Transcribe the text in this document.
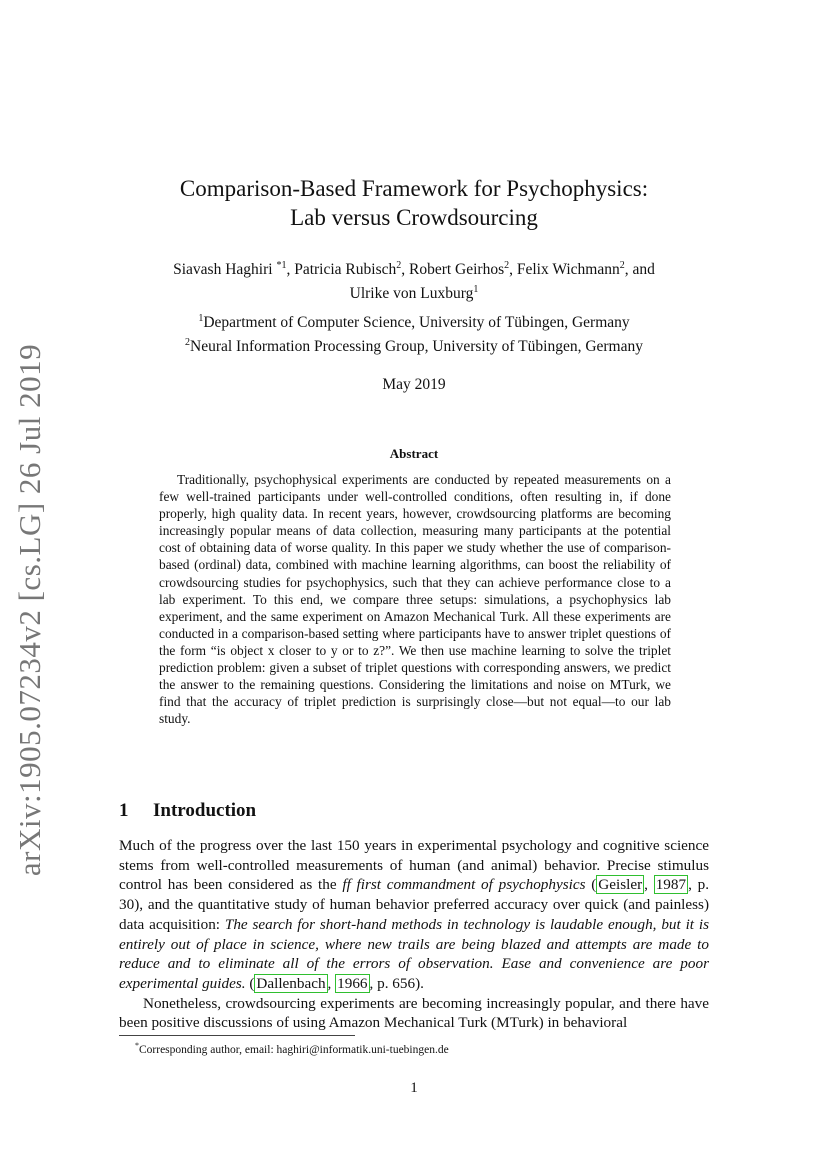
arXiv:1905.07234v2 [cs.LG] 26 Jul 2019
Comparison-Based Framework for Psychophysics:
Lab versus Crowdsourcing
Siavash Haghiri $^{*1}$, Patricia Rubisch$^2$, Robert Geirhos$^2$, Felix Wichmann$^2$, and
Ulrike von Luxburg$^1$
$^1$Department of Computer Science, University of Tübingen, Germany
$^2$Neural Information Processing Group, University of Tübingen, Germany
May 2019
Abstract
Traditionally, psychophysical experiments are conducted by repeated measurements on a few well-trained participants under well-controlled conditions, often resulting in, if done properly, high quality data. In recent years, however, crowdsourcing platforms are becoming increasingly popular means of data collection, measuring many participants at the potential cost of obtaining data of worse quality. In this paper we study whether the use of comparison-based (ordinal) data, combined with machine learning algorithms, can boost the reliability of crowdsourcing studies for psychophysics, such that they can achieve performance close to a lab experiment. To this end, we compare three setups: simulations, a psychophysics lab experiment, and the same experiment on Amazon Mechanical Turk. All these experiments are conducted in a comparison-based setting where participants have to answer triplet questions of the form “is object x closer to y or to z?”. We then use machine learning to solve the triplet prediction problem: given a subset of triplet questions with corresponding answers, we predict the answer to the remaining questions. Considering the limitations and noise on MTurk, we find that the accuracy of triplet prediction is surprisingly close—but not equal—to our lab study.
1 Introduction

Much of the progress over the last 150 years in experimental psychology and cognitive science stems from well-controlled measurements of human (and animal) behavior. Precise stimulus control has been considered as the ff first commandment of psychophysics ( Geisler , 1987 , p. 30), and the quantitative study of human behavior preferred accuracy over quick (and painless) data acquisition: The search for short-hand methods in technology is laudable enough, but it is entirely out of place in science, where new trails are being blazed and attempts are made to reduce and to eliminate all of the errors of observation. Ease and convenience are poor experimental guides. ( Dallenbach , 1966 , p. 656).

Nonetheless, crowdsourcing experiments are becoming increasingly popular, and there have been positive discussions of using Amazon Mechanical Turk (MTurk) in behavioral

*Corresponding author, email: haghiri@informatik.uni-tuebingen.de
1
